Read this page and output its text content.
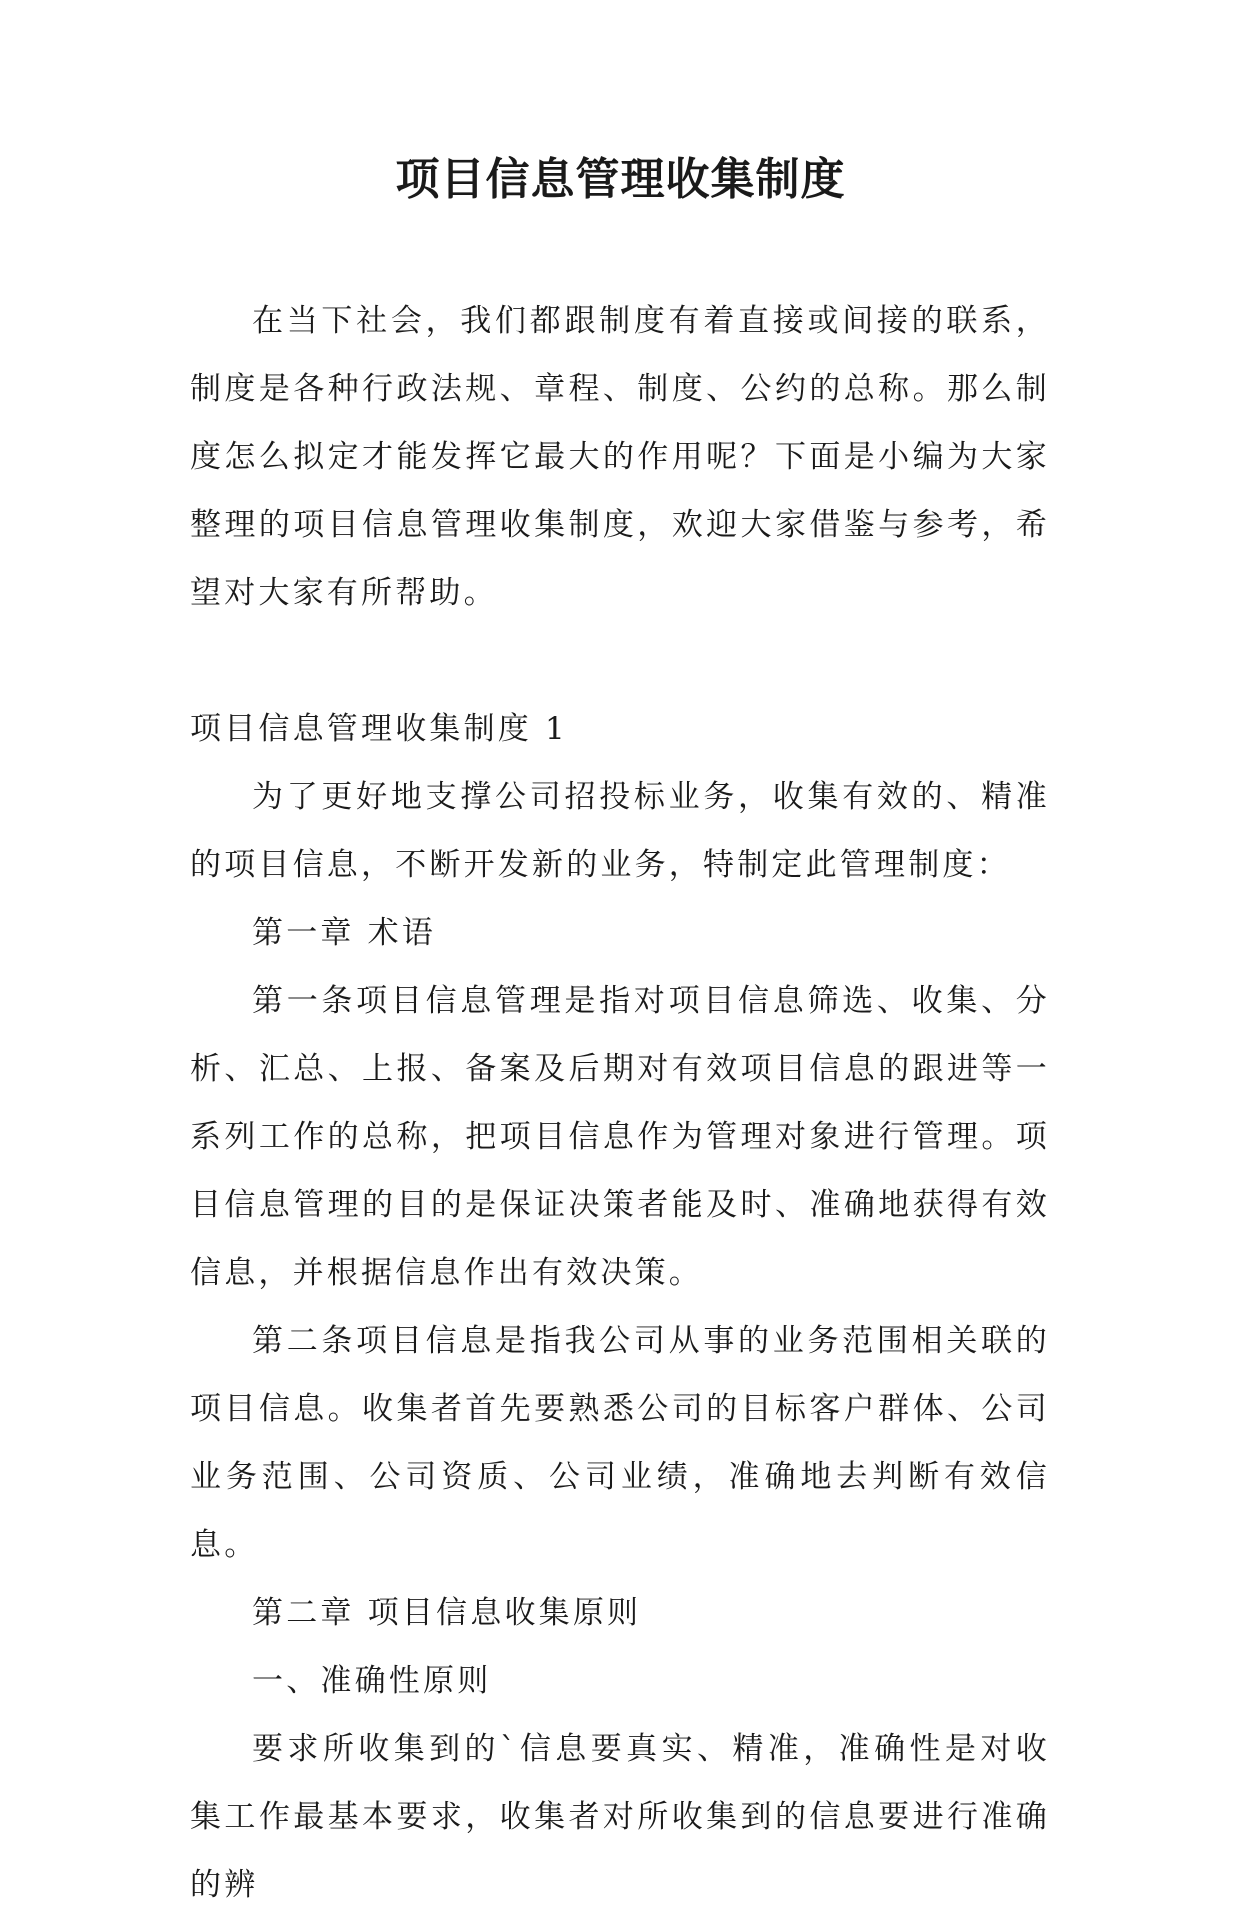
项目信息管理收集制度

在当下社会，我们都跟制度有着直接或间接的联系，制度是各种行政法规、章程、制度、公约的总称。那么制度怎么拟定才能发挥它最大的作用呢？下面是小编为大家整理的项目信息管理收集制度，欢迎大家借鉴与参考，希望对大家有所帮助。

项目信息管理收集制度 1

为了更好地支撑公司招投标业务，收集有效的、精准的项目信息，不断开发新的业务，特制定此管理制度：

第一章 术语

第一条项目信息管理是指对项目信息筛选、收集、分析、汇总、上报、备案及后期对有效项目信息的跟进等一系列工作的总称，把项目信息作为管理对象进行管理。项目信息管理的目的是保证决策者能及时、准确地获得有效信息，并根据信息作出有效决策。

第二条项目信息是指我公司从事的业务范围相关联的项目信息。收集者首先要熟悉公司的目标客户群体、公司业务范围、公司资质、公司业绩，准确地去判断有效信息。

第二章 项目信息收集原则

一、准确性原则

要求所收集到的`信息要真实、精准，准确性是对收集工作最基本要求，收集者对所收集到的信息要进行准确的辨
